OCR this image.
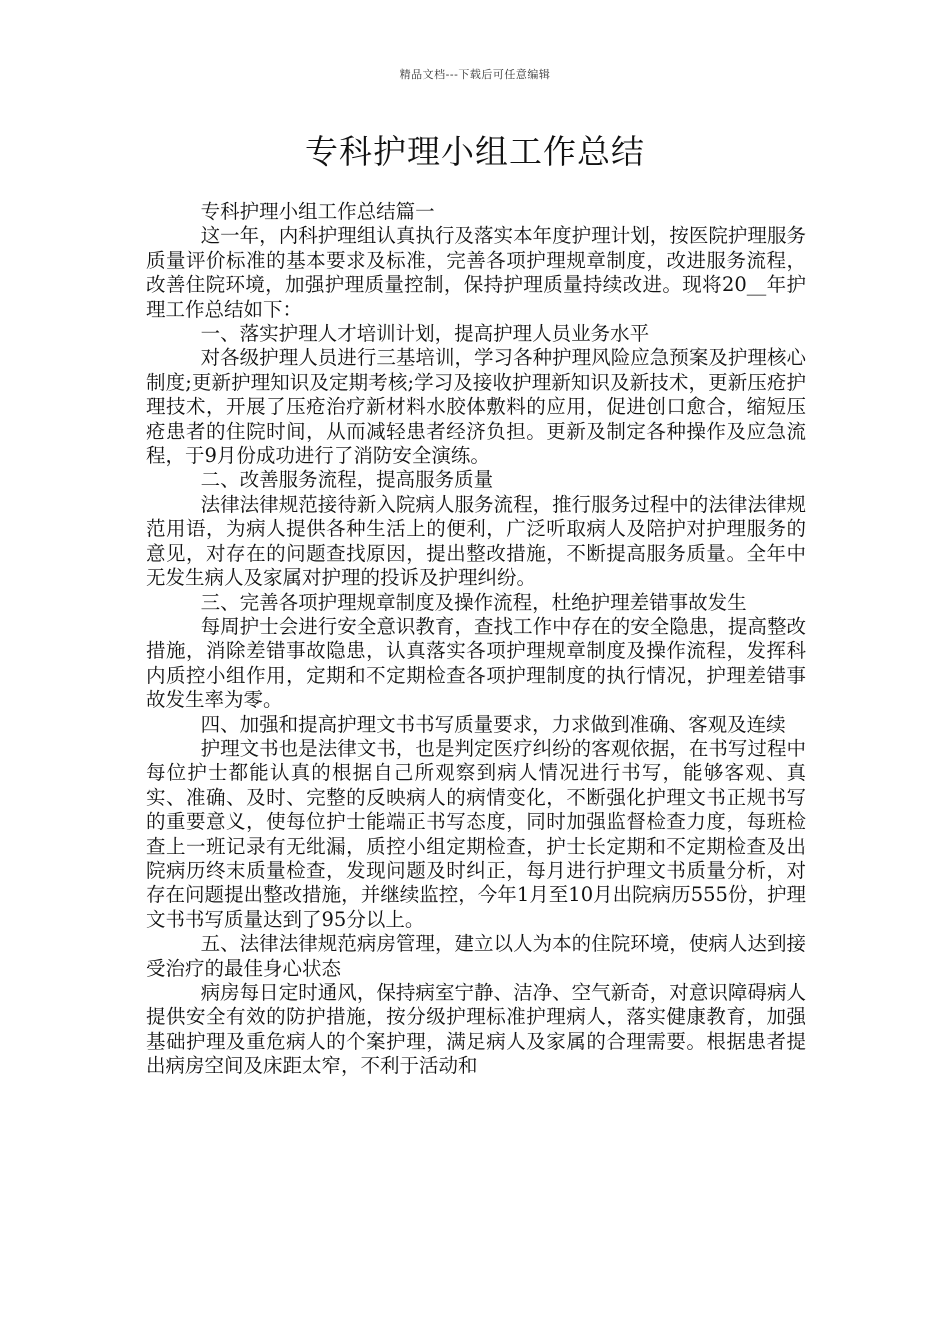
精品文档---下载后可任意编辑
专科护理小组工作总结

专科护理小组工作总结篇一

这一年，内科护理组认真执行及落实本年度护理计划，按医院护理服务质量评价标准的基本要求及标准，完善各项护理规章制度，改进服务流程，改善住院环境，加强护理质量控制，保持护理质量持续改进。现将20__年护理工作总结如下：

一、落实护理人才培训计划，提高护理人员业务水平

对各级护理人员进行三基培训，学习各种护理风险应急预案及护理核心制度;更新护理知识及定期考核;学习及接收护理新知识及新技术，更新压疮护理技术，开展了压疮治疗新材料水胶体敷料的应用，促进创口愈合，缩短压疮患者的住院时间，从而减轻患者经济负担。更新及制定各种操作及应急流程，于9月份成功进行了消防安全演练。

二、改善服务流程，提高服务质量

法律法律规范接待新入院病人服务流程，推行服务过程中的法律法律规范用语，为病人提供各种生活上的便利，广泛听取病人及陪护对护理服务的意见，对存在的问题查找原因，提出整改措施，不断提高服务质量。全年中无发生病人及家属对护理的投诉及护理纠纷。

三、完善各项护理规章制度及操作流程，杜绝护理差错事故发生

每周护士会进行安全意识教育，查找工作中存在的安全隐患，提高整改措施，消除差错事故隐患，认真落实各项护理规章制度及操作流程，发挥科内质控小组作用，定期和不定期检查各项护理制度的执行情况，护理差错事故发生率为零。

四、加强和提高护理文书书写质量要求，力求做到准确、客观及连续

护理文书也是法律文书，也是判定医疗纠纷的客观依据，在书写过程中每位护士都能认真的根据自己所观察到病人情况进行书写，能够客观、真实、准确、及时、完整的反映病人的病情变化，不断强化护理文书正规书写的重要意义，使每位护士能端正书写态度，同时加强监督检查力度，每班检查上一班记录有无纰漏，质控小组定期检查，护士长定期和不定期检查及出院病历终末质量检查，发现问题及时纠正，每月进行护理文书质量分析，对存在问题提出整改措施，并继续监控，今年1月至10月出院病历555份，护理文书书写质量达到了95分以上。

五、法律法律规范病房管理，建立以人为本的住院环境，使病人达到接受治疗的最佳身心状态

病房每日定时通风，保持病室宁静、洁净、空气新奇，对意识障碍病人提供安全有效的防护措施，按分级护理标准护理病人，落实健康教育，加强基础护理及重危病人的个案护理，满足病人及家属的合理需要。根据患者提出病房空间及床距太窄，不利于活动和
